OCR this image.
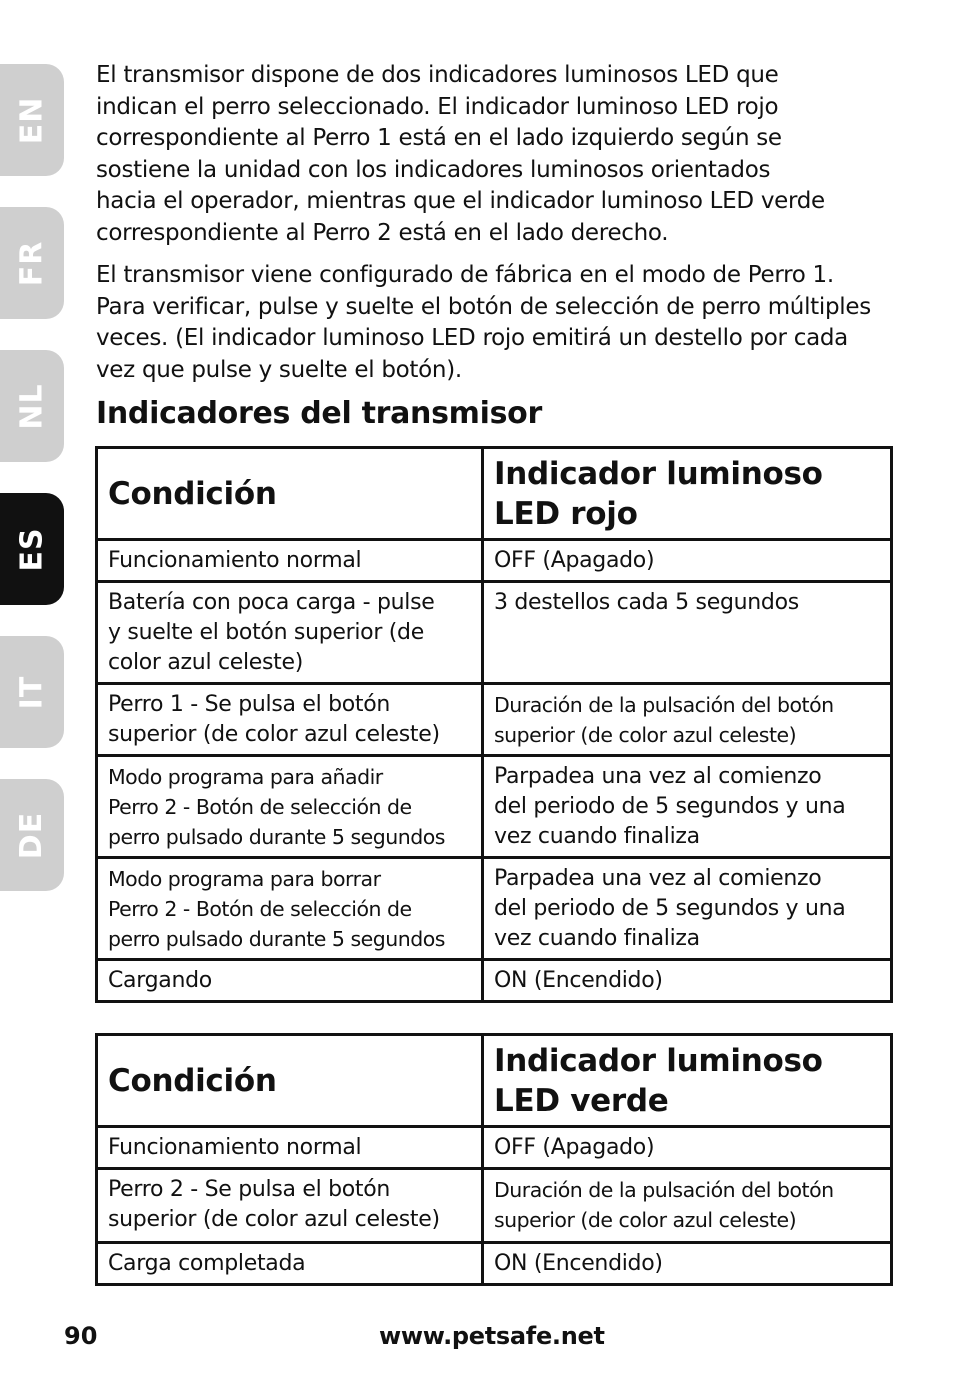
EN
FR
NL
ES
IT
DE

El transmisor dispone de dos indicadores luminosos LED que
indican el perro seleccionado. El indicador luminoso LED rojo
correspondiente al Perro 1 está en el lado izquierdo según se
sostiene la unidad con los indicadores luminosos orientados
hacia el operador, mientras que el indicador luminoso LED verde
correspondiente al Perro 2 está en el lado derecho.

El transmisor viene configurado de fábrica en el modo de Perro 1.
Para verificar, pulse y suelte el botón de selección de perro múltiples
veces. (El indicador luminoso LED rojo emitirá un destello por cada
vez que pulse y suelte el botón).

Indicadores del transmisor
Condición	Indicador luminoso
LED rojo

Funcionamiento normal	OFF (Apagado)

Batería con poca carga - pulse
y suelte el botón superior (de
color azul celeste)	3 destellos cada 5 segundos

Perro 1 - Se pulsa el botón
superior (de color azul celeste)	Duración de la pulsación del botón
superior (de color azul celeste)

Modo programa para añadir
Perro 2 - Botón de selección de
perro pulsado durante 5 segundos	Parpadea una vez al comienzo
del periodo de 5 segundos y una
vez cuando finaliza

Modo programa para borrar
Perro 2 - Botón de selección de
perro pulsado durante 5 segundos	Parpadea una vez al comienzo
del periodo de 5 segundos y una
vez cuando finaliza

Cargando	ON (Encendido)
Condición	Indicador luminoso
LED verde

Funcionamiento normal	OFF (Apagado)

Perro 2 - Se pulsa el botón
superior (de color azul celeste)	Duración de la pulsación del botón
superior (de color azul celeste)

Carga completada	ON (Encendido)
90	www.petsafe.net
